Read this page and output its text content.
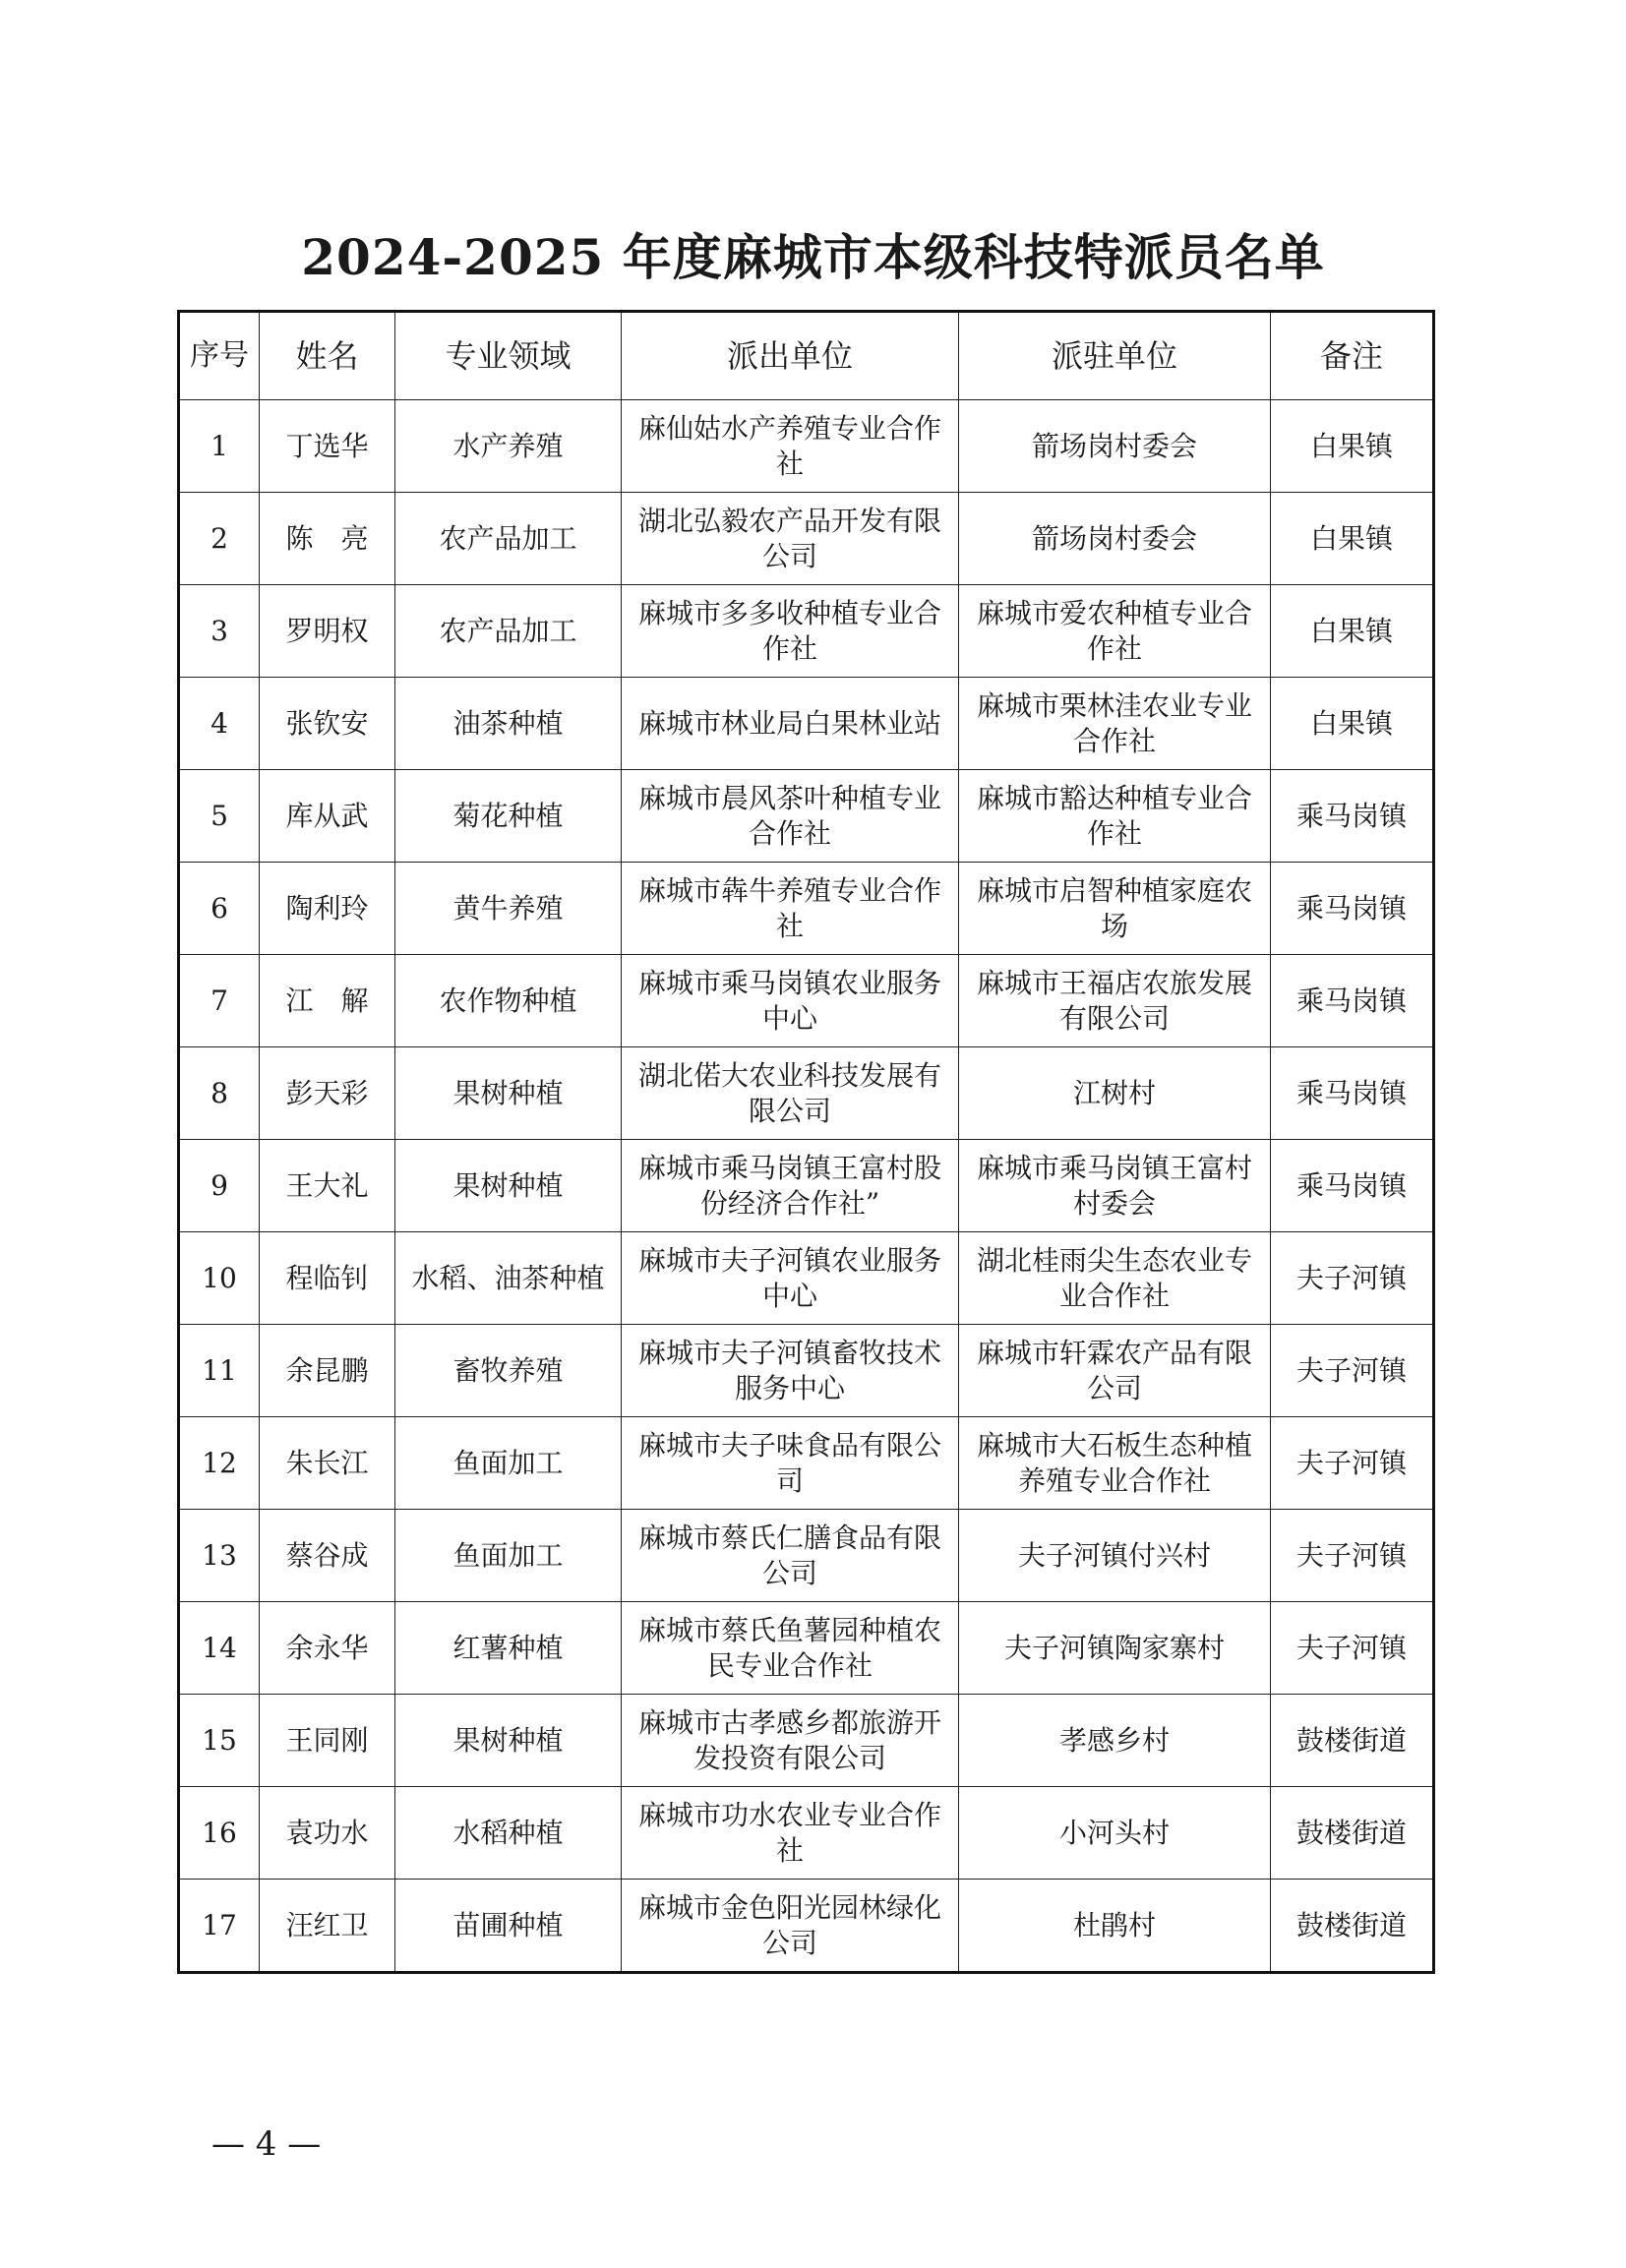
2024-2025 年度麻城市本级科技特派员名单
序号	姓名	专业领域	派出单位	派驻单位	备注
1	丁选华	水产养殖	麻仙姑水产养殖专业合作社	箭场岗村委会	白果镇
2	陈　亮	农产品加工	湖北弘毅农产品开发有限公司	箭场岗村委会	白果镇
3	罗明权	农产品加工	麻城市多多收种植专业合作社	麻城市爱农种植专业合作社	白果镇
4	张钦安	油茶种植	麻城市林业局白果林业站	麻城市栗林洼农业专业合作社	白果镇
5	库从武	菊花种植	麻城市晨风茶叶种植专业合作社	麻城市豁达种植专业合作社	乘马岗镇
6	陶利玲	黄牛养殖	麻城市犇牛养殖专业合作社	麻城市启智种植家庭农场	乘马岗镇
7	江　解	农作物种植	麻城市乘马岗镇农业服务中心	麻城市王福店农旅发展有限公司	乘马岗镇
8	彭天彩	果树种植	湖北偌大农业科技发展有限公司	江树村	乘马岗镇
9	王大礼	果树种植	麻城市乘马岗镇王富村股份经济合作社”	麻城市乘马岗镇王富村村委会	乘马岗镇
10	程临钊	水稻、油茶种植	麻城市夫子河镇农业服务中心	湖北桂雨尖生态农业专业合作社	夫子河镇
11	余昆鹏	畜牧养殖	麻城市夫子河镇畜牧技术服务中心	麻城市轩霖农产品有限公司	夫子河镇
12	朱长江	鱼面加工	麻城市夫子味食品有限公司	麻城市大石板生态种植养殖专业合作社	夫子河镇
13	蔡谷成	鱼面加工	麻城市蔡氏仁膳食品有限公司	夫子河镇付兴村	夫子河镇
14	余永华	红薯种植	麻城市蔡氏鱼薯园种植农民专业合作社	夫子河镇陶家寨村	夫子河镇
15	王同刚	果树种植	麻城市古孝感乡都旅游开发投资有限公司	孝感乡村	鼓楼街道
16	袁功水	水稻种植	麻城市功水农业专业合作社	小河头村	鼓楼街道
17	汪红卫	苗圃种植	麻城市金色阳光园林绿化公司	杜鹃村	鼓楼街道
— 4 —
